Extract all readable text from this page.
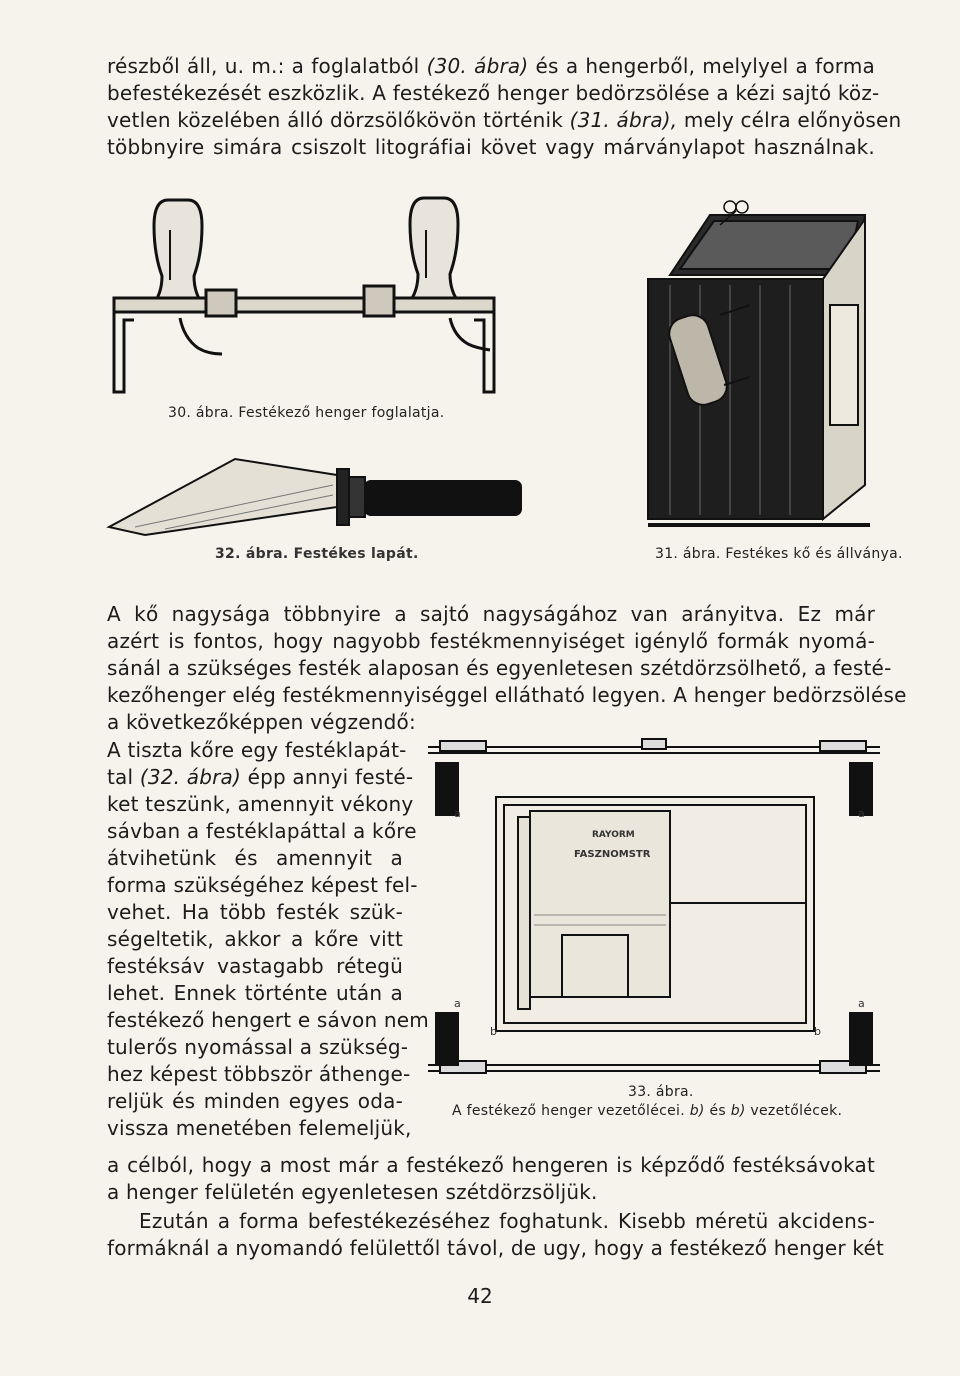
részből áll, u. m.: a foglalatból (30. ábra) és a hengerből, melylyel a forma
befestékezését eszközlik. A festékező henger bedörzsölése a kézi sajtó köz-
vetlen közelében álló dörzsölőkövön történik (31. ábra), mely célra előnyösen
többnyire simára csiszolt litográfiai követ vagy márványlapot használnak.
30. ábra. Festékező henger foglalatja.
32. ábra. Festékes lapát.	31. ábra. Festékes kő és állványa.
A kő nagysága többnyire a sajtó nagyságához van arányitva. Ez már
azért is fontos, hogy nagyobb festékmennyiséget igénylő formák nyomá-
sánál a szükséges festék alaposan és egyenletesen szétdörzsölhető, a festé-
kezőhenger elég festékmennyiséggel ellátható legyen. A henger bedörzsölése
a következőképpen végzendő:
A tiszta kőre egy festéklapát-
tal (32. ábra) épp annyi festé-
ket teszünk, amennyit vékony
sávban a festéklapáttal a kőre
átvihetünk és amennyit a
forma szükségéhez képest fel-
vehet. Ha több festék szük-
ségeltetik, akkor a kőre vitt
festéksáv vastagabb rétegü
lehet. Ennek történte után a
festékező hengert e sávon nem
tulerős nyomással a szükség-
hez képest többször áthenge-
reljük és minden egyes oda-
vissza menetében felemeljük,
RAYORM
FASZNOMSTR
a	a
a	a
b	b
33. ábra.
A festékező henger vezetőlécei. b) és b) vezetőlécek.
a célból, hogy a most már a festékező hengeren is képződő festéksávokat
a henger felületén egyenletesen szétdörzsöljük.
Ezután a forma befestékezéséhez foghatunk. Kisebb méretü akcidens-
formáknál a nyomandó felülettől távol, de ugy, hogy a festékező henger két
42
